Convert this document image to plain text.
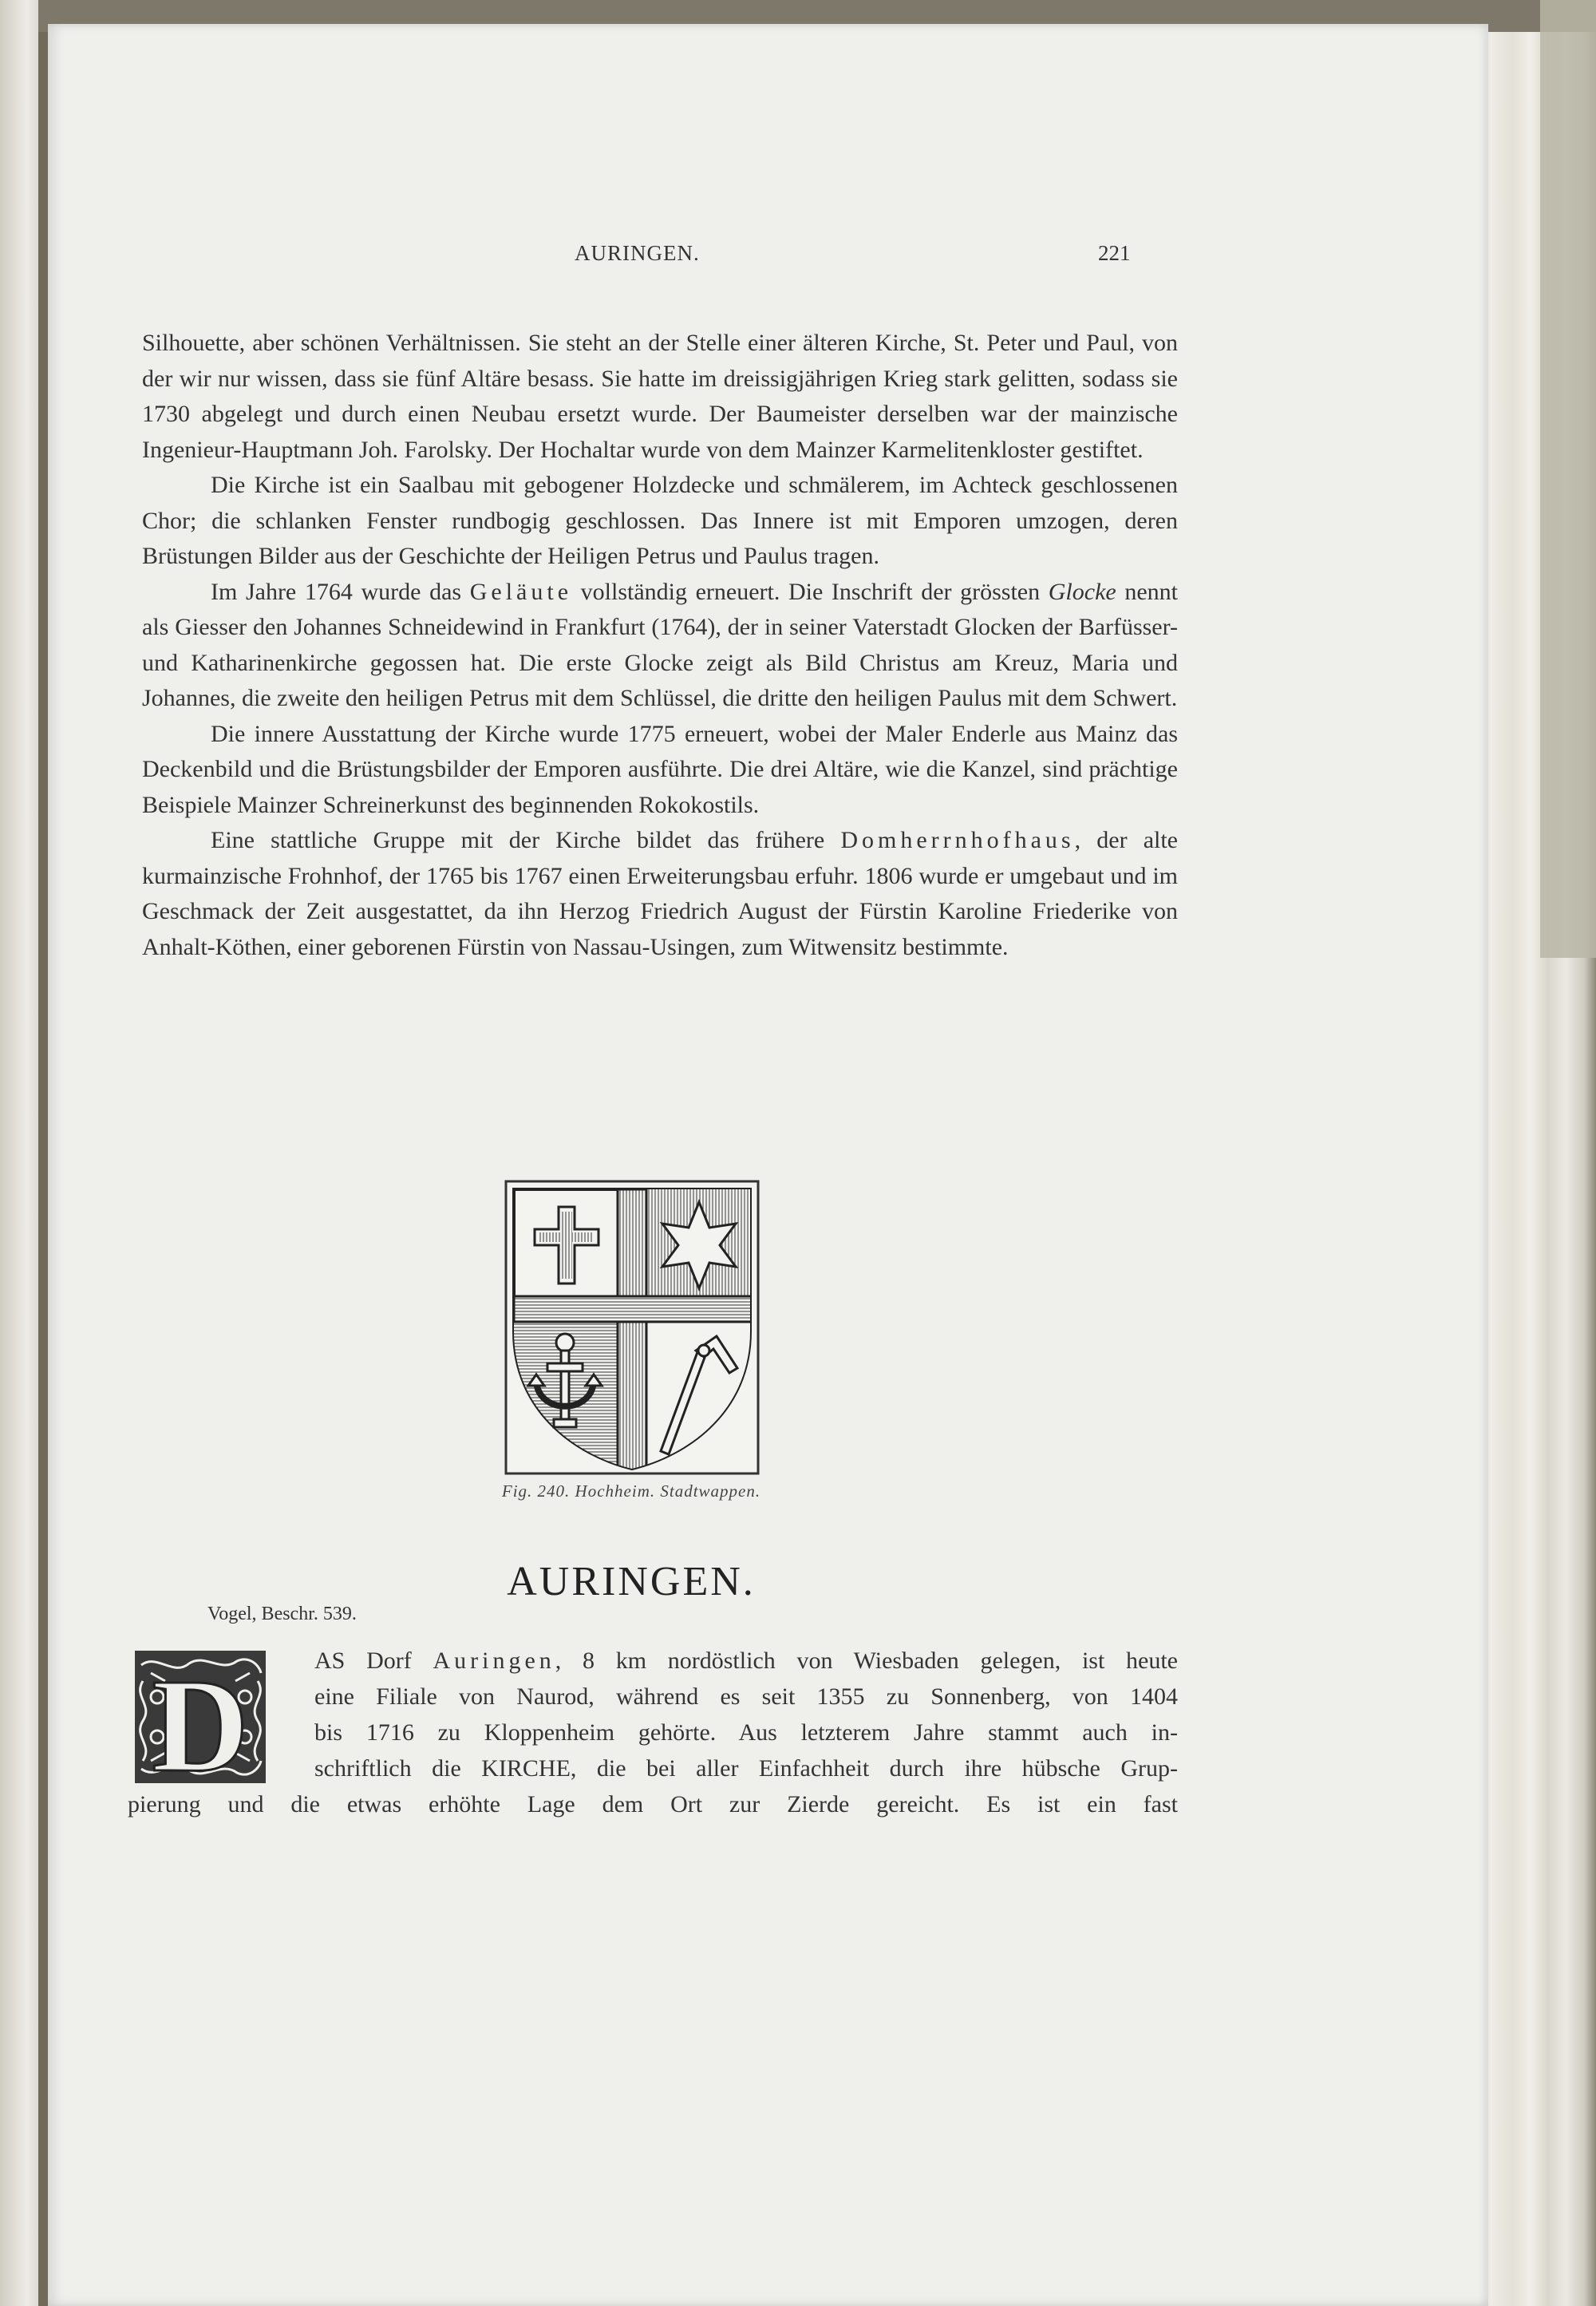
AURINGEN.	221

Silhouette, aber schönen Verhältnissen. Sie steht an der Stelle einer älteren Kirche, St. Peter und Paul, von der wir nur wissen, dass sie fünf Altäre besass. Sie hatte im dreissigjährigen Krieg stark gelitten, sodass sie 1730 abgelegt und durch einen Neubau ersetzt wurde. Der Baumeister derselben war der mainzische Ingenieur-Hauptmann Joh. Farolsky. Der Hochaltar wurde von dem Mainzer Karmelitenkloster gestiftet.

Die Kirche ist ein Saalbau mit gebogener Holzdecke und schmälerem, im Achteck geschlossenen Chor; die schlanken Fenster rundbogig geschlossen. Das Innere ist mit Emporen umzogen, deren Brüstungen Bilder aus der Geschichte der Heiligen Petrus und Paulus tragen.

Im Jahre 1764 wurde das Geläute vollständig erneuert. Die Inschrift der grössten Glocke nennt als Giesser den Johannes Schneidewind in Frankfurt (1764), der in seiner Vaterstadt Glocken der Barfüsser- und Katharinenkirche gegossen hat. Die erste Glocke zeigt als Bild Christus am Kreuz, Maria und Johannes, die zweite den heiligen Petrus mit dem Schlüssel, die dritte den heiligen Paulus mit dem Schwert.

Die innere Ausstattung der Kirche wurde 1775 erneuert, wobei der Maler Enderle aus Mainz das Deckenbild und die Brüstungsbilder der Emporen ausführte. Die drei Altäre, wie die Kanzel, sind prächtige Beispiele Mainzer Schreinerkunst des beginnenden Rokokostils.

Eine stattliche Gruppe mit der Kirche bildet das frühere Domherrnhofhaus, der alte kurmainzische Frohnhof, der 1765 bis 1767 einen Erweiterungsbau erfuhr. 1806 wurde er umgebaut und im Geschmack der Zeit ausgestattet, da ihn Herzog Friedrich August der Fürstin Karoline Friederike von Anhalt-Köthen, einer geborenen Fürstin von Nassau-Usingen, zum Witwensitz bestimmte.

Fig. 240. Hochheim. Stadtwappen.
Vogel, Beschr. 539.
AURINGEN.
D	AS Dorf Auringen, 8 km nordöstlich von Wiesbaden gelegen, ist heute
eine Filiale von Naurod, während es seit 1355 zu Sonnenberg, von 1404
bis 1716 zu Kloppenheim gehörte. Aus letzterem Jahre stammt auch in-
schriftlich die KIRCHE, die bei aller Einfachheit durch ihre hübsche Grup-
pierung und die etwas erhöhte Lage dem Ort zur Zierde gereicht. Es ist ein fast
